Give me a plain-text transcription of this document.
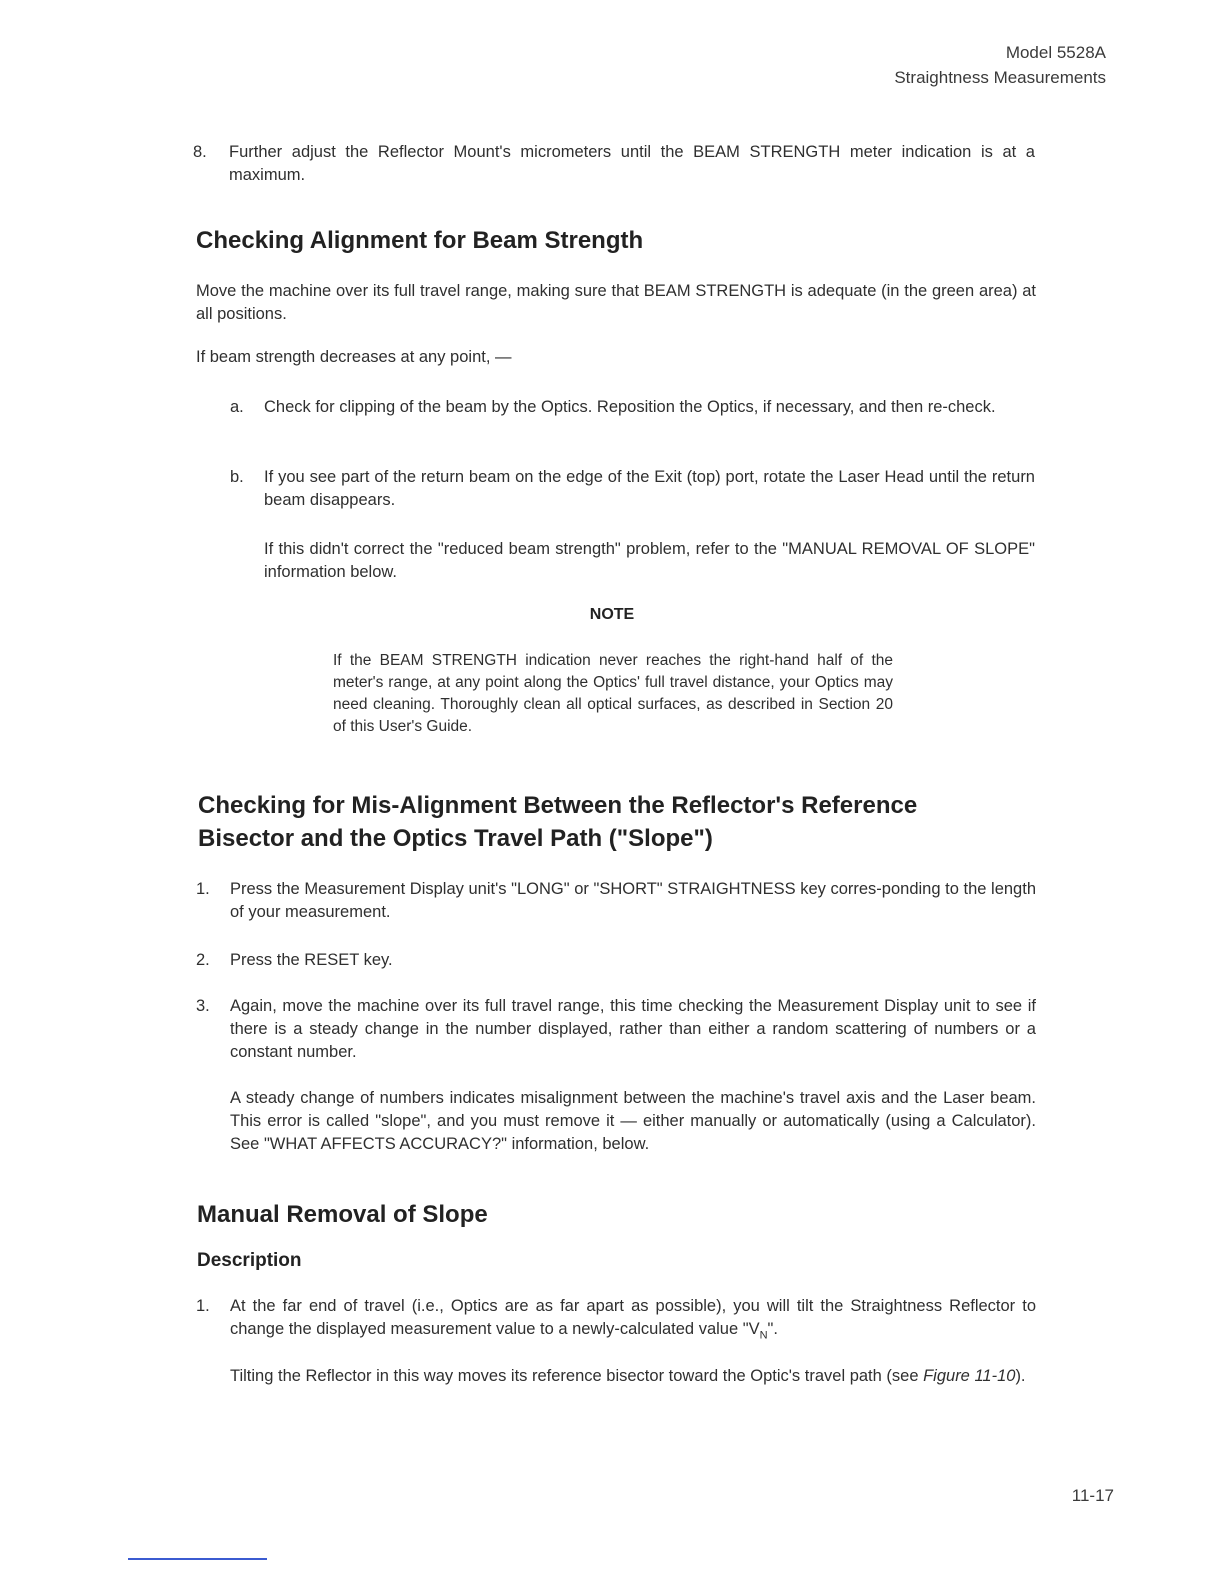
Model 5528A
Straightness Measurements
8. Further adjust the Reflector Mount's micrometers until the BEAM STRENGTH meter indication is at a maximum.
Checking Alignment for Beam Strength
Move the machine over its full travel range, making sure that BEAM STRENGTH is adequate (in the green area) at all positions.
If beam strength decreases at any point, —
a. Check for clipping of the beam by the Optics. Reposition the Optics, if necessary, and then re-check.
b. If you see part of the return beam on the edge of the Exit (top) port, rotate the Laser Head until the return beam disappears.
If this didn't correct the "reduced beam strength" problem, refer to the "MANUAL REMOVAL OF SLOPE" information below.
NOTE
If the BEAM STRENGTH indication never reaches the right-hand half of the meter's range, at any point along the Optics' full travel distance, your Optics may need cleaning. Thoroughly clean all optical surfaces, as described in Section 20 of this User's Guide.
Checking for Mis-Alignment Between the Reflector's Reference
Bisector and the Optics Travel Path ("Slope")
1. Press the Measurement Display unit's "LONG" or "SHORT" STRAIGHTNESS key corres-ponding to the length of your measurement.
2. Press the RESET key.
3. Again, move the machine over its full travel range, this time checking the Measurement Display unit to see if there is a steady change in the number displayed, rather than either a random scattering of numbers or a constant number.
A steady change of numbers indicates misalignment between the machine's travel axis and the Laser beam. This error is called "slope", and you must remove it — either manually or automatically (using a Calculator). See "WHAT AFFECTS ACCURACY?" information, below.
Manual Removal of Slope
Description
1. At the far end of travel (i.e., Optics are as far apart as possible), you will tilt the Straightness Reflector to change the displayed measurement value to a newly-calculated value "$V_N$".
Tilting the Reflector in this way moves its reference bisector toward the Optic's travel path (see Figure 11-10).
11-17
